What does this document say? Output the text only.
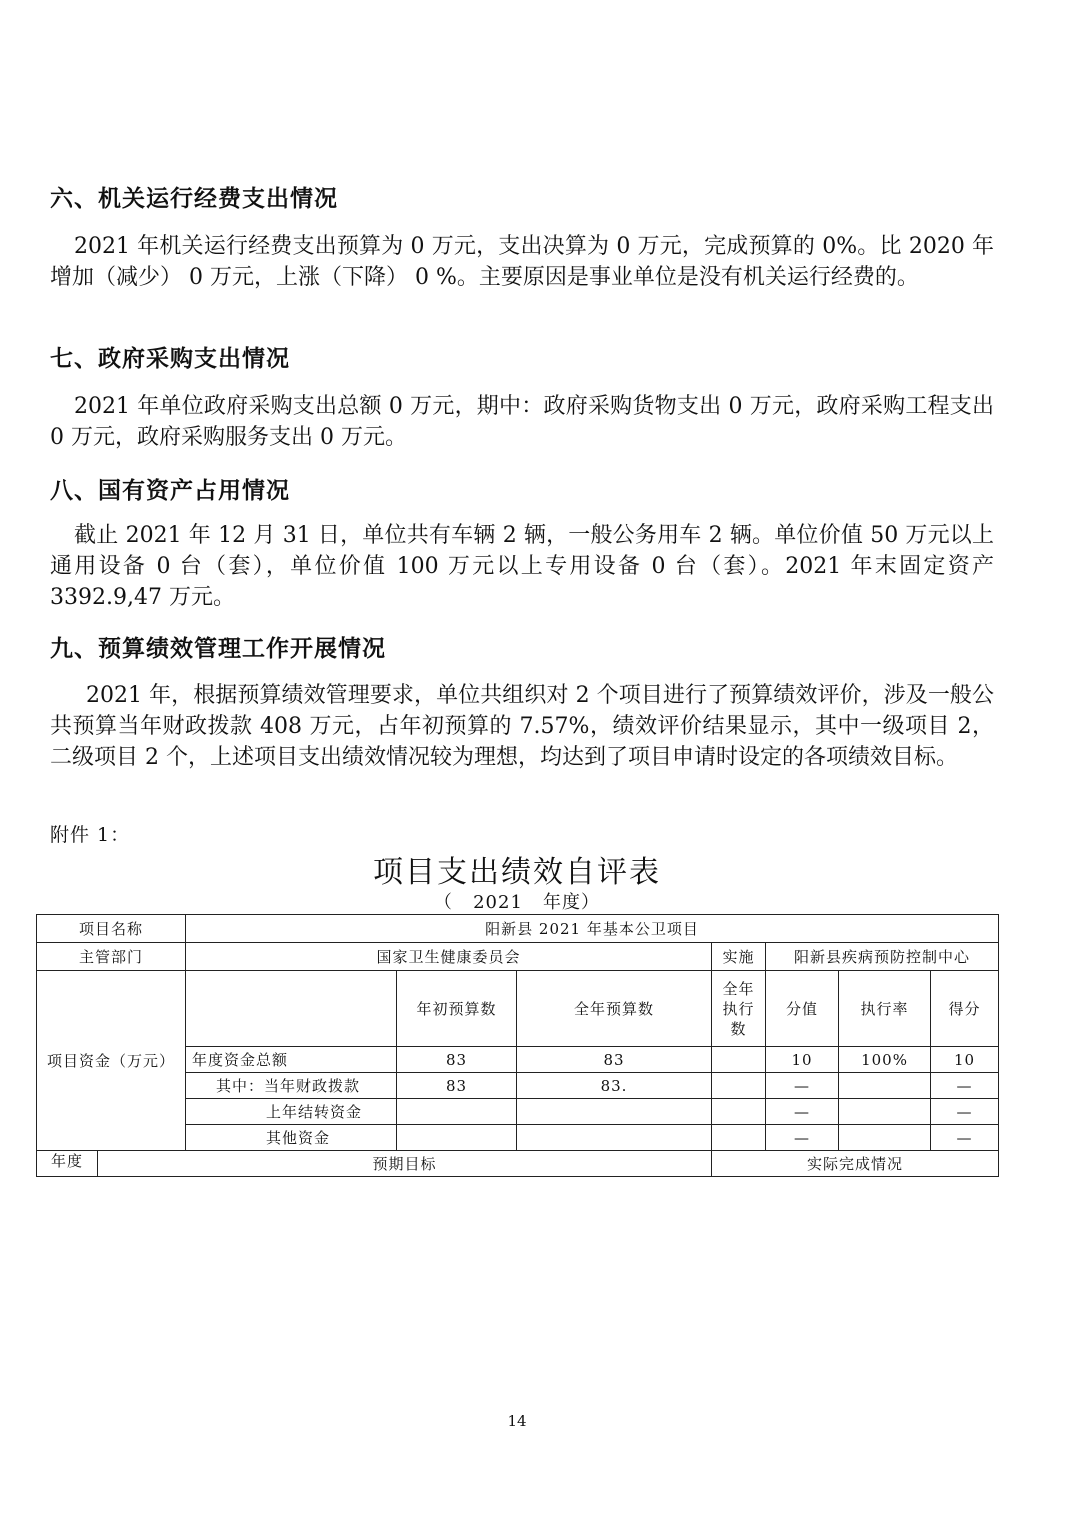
六、机关运行经费支出情况
2021 年机关运行经费支出预算为 0 万元，支出决算为 0 万元，完成预算的 0%。比 2020 年增加（减少） 0 万元，上涨（下降） 0 %。主要原因是事业单位是没有机关运行经费的。
七、政府采购支出情况
2021 年单位政府采购支出总额 0 万元，期中：政府采购货物支出 0 万元，政府采购工程支出 0 万元，政府采购服务支出 0 万元。
八、国有资产占用情况
截止 2021 年 12 月 31 日，单位共有车辆 2 辆，一般公务用车 2 辆。单位价值 50 万元以上通用设备 0 台（套），单位价值 100 万元以上专用设备 0 台（套）。2021 年末固定资产 3392.9,47 万元。
九、预算绩效管理工作开展情况
2021 年，根据预算绩效管理要求，单位共组织对 2 个项目进行了预算绩效评价，涉及一般公共预算当年财政拨款 408 万元，占年初预算的 7.57%，绩效评价结果显示，其中一级项目 2，二级项目 2 个，上述项目支出绩效情况较为理想，均达到了项目申请时设定的各项绩效目标。
附件 1：
项目支出绩效自评表
（   2021   年度）
项目名称		阳新县 2021 年基本公卫项目						
主管部门		国家卫生健康委员会			实施	阳新县疾病预防控制中心		
项目资金（万元）			年初预算数	全年预算数	全年执行数	分值	执行率	得分
		年度资金总额	83	83		10	100%	10
		其中：当年财政拨款	83	83.		—		—
		上年结转资金				—		—
		其他资金				—		—
年度	预期目标				实际完成情况			
14
